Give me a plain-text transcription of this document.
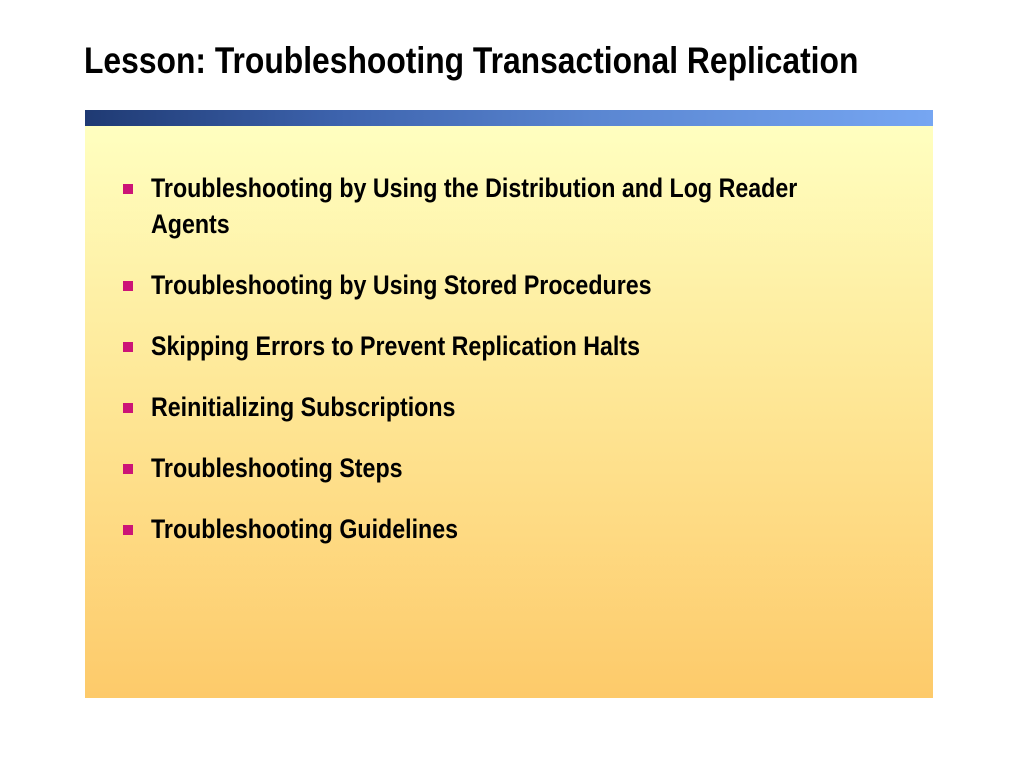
Lesson: Troubleshooting Transactional Replication
Troubleshooting by Using the Distribution and Log Reader Agents
Troubleshooting by Using Stored Procedures
Skipping Errors to Prevent Replication Halts
Reinitializing Subscriptions
Troubleshooting Steps
Troubleshooting Guidelines
